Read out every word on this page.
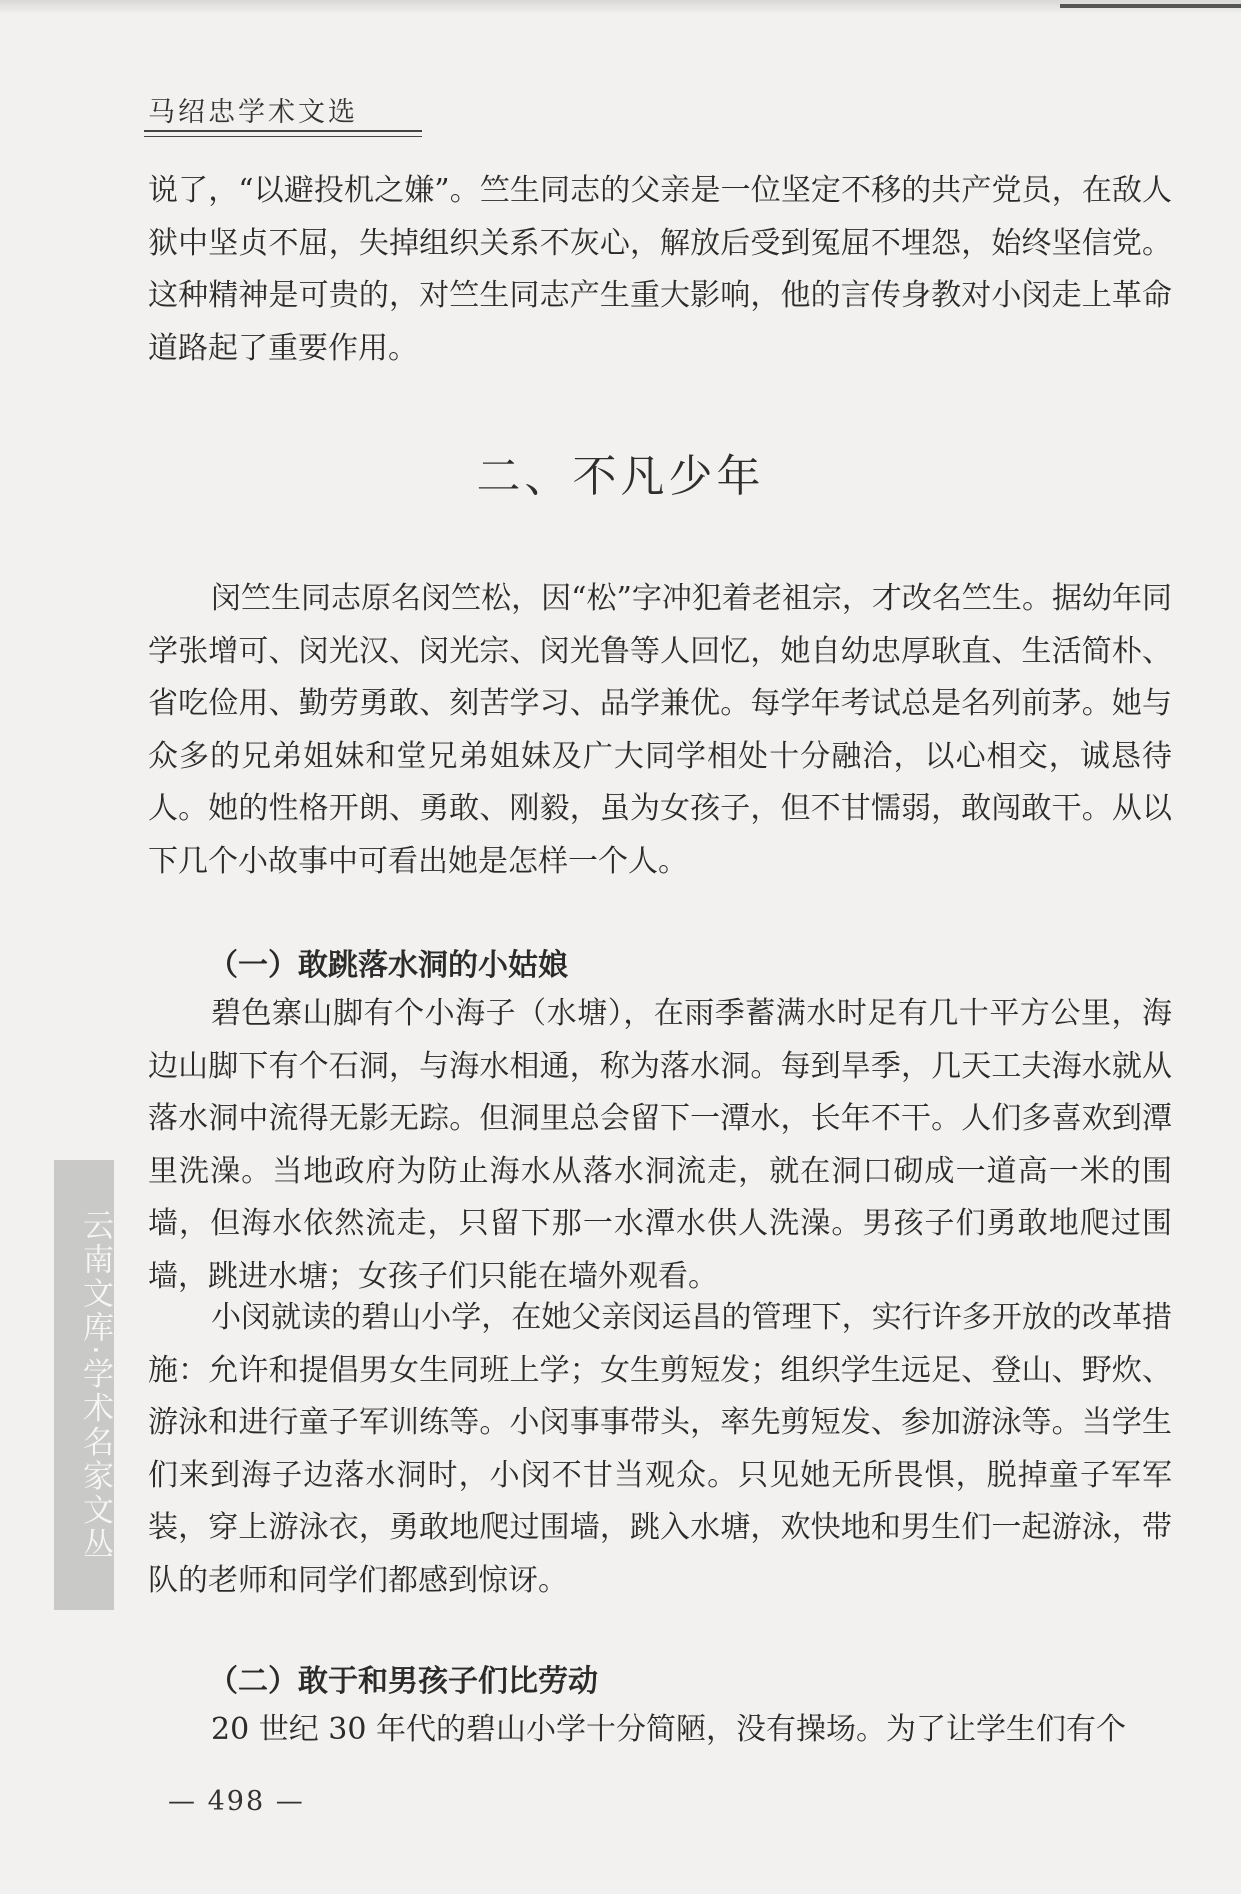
马绍忠学术文选

说了，“以避投机之嫌”。竺生同志的父亲是一位坚定不移的共产党员，在敌人狱中坚贞不屈，失掉组织关系不灰心，解放后受到冤屈不埋怨，始终坚信党。这种精神是可贵的，对竺生同志产生重大影响，他的言传身教对小闵走上革命道路起了重要作用。

二、不凡少年

闵竺生同志原名闵竺松，因“松”字冲犯着老祖宗，才改名竺生。据幼年同学张增可、闵光汉、闵光宗、闵光鲁等人回忆，她自幼忠厚耿直、生活简朴、省吃俭用、勤劳勇敢、刻苦学习、品学兼优。每学年考试总是名列前茅。她与众多的兄弟姐妹和堂兄弟姐妹及广大同学相处十分融洽，以心相交，诚恳待人。她的性格开朗、勇敢、刚毅，虽为女孩子，但不甘懦弱，敢闯敢干。从以下几个小故事中可看出她是怎样一个人。

（一）敢跳落水洞的小姑娘

碧色寨山脚有个小海子（水塘），在雨季蓄满水时足有几十平方公里，海边山脚下有个石洞，与海水相通，称为落水洞。每到旱季，几天工夫海水就从落水洞中流得无影无踪。但洞里总会留下一潭水，长年不干。人们多喜欢到潭里洗澡。当地政府为防止海水从落水洞流走，就在洞口砌成一道高一米的围墙，但海水依然流走，只留下那一水潭水供人洗澡。男孩子们勇敢地爬过围墙，跳进水塘；女孩子们只能在墙外观看。

小闵就读的碧山小学，在她父亲闵运昌的管理下，实行许多开放的改革措施：允许和提倡男女生同班上学；女生剪短发；组织学生远足、登山、野炊、游泳和进行童子军训练等。小闵事事带头，率先剪短发、参加游泳等。当学生们来到海子边落水洞时，小闵不甘当观众。只见她无所畏惧，脱掉童子军军装，穿上游泳衣，勇敢地爬过围墙，跳入水塘，欢快地和男生们一起游泳，带队的老师和同学们都感到惊讶。

（二）敢于和男孩子们比劳动

20 世纪 30 年代的碧山小学十分简陋，没有操场。为了让学生们有个

云南文库·学术名家文丛
— 498 —
